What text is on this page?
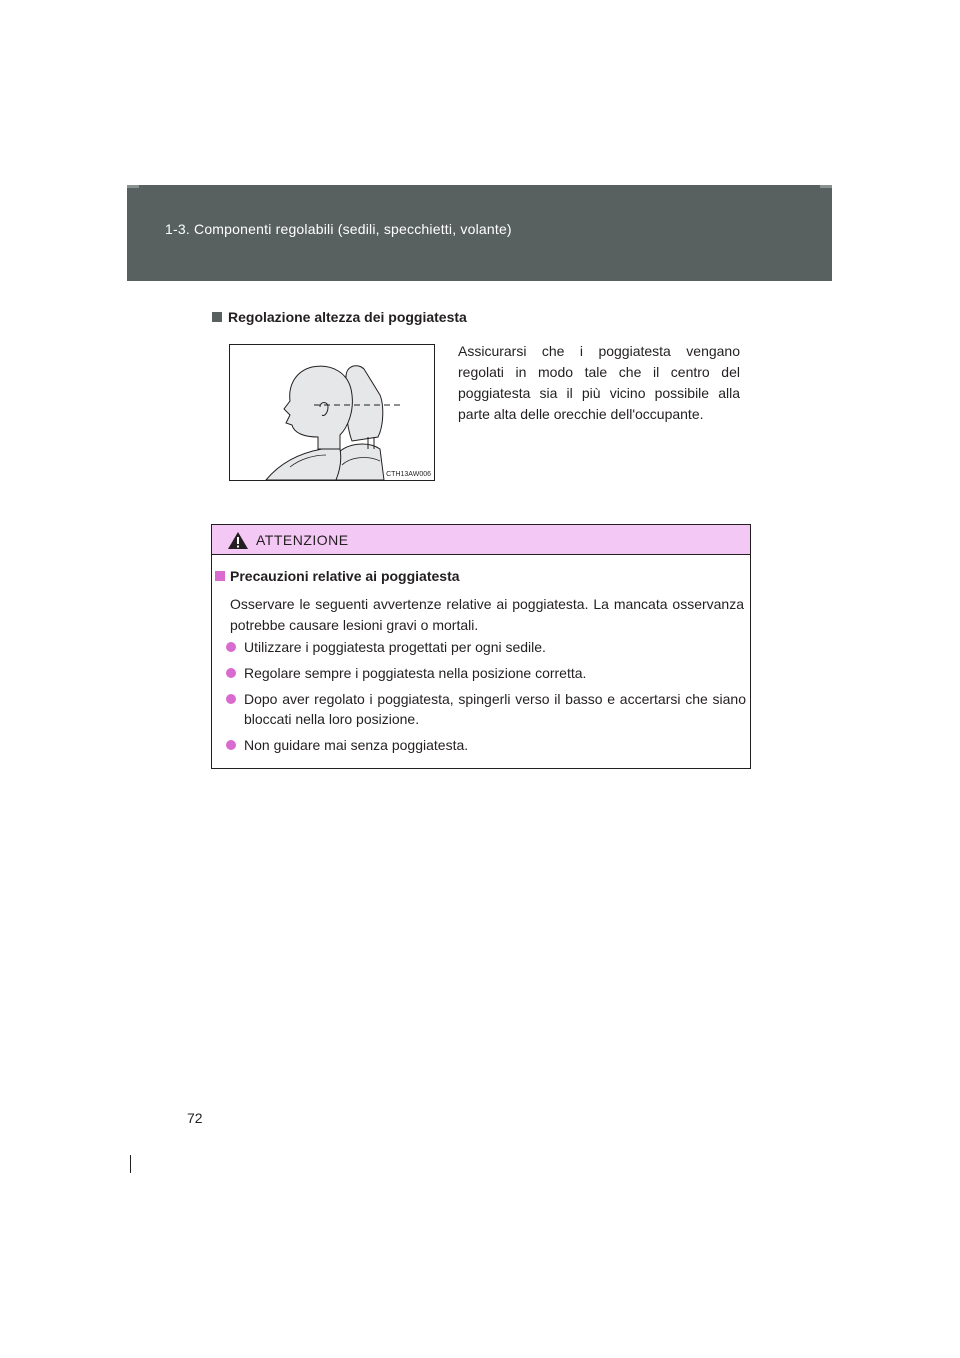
1-3. Componenti regolabili (sedili, specchietti, volante)
Regolazione altezza dei poggiatesta
CTH13AW006
Assicurarsi che i poggiatesta vengano regolati in modo tale che il centro del poggiatesta sia il più vicino possibile alla parte alta delle orecchie dell'occupante.
ATTENZIONE
Precauzioni relative ai poggiatesta
Osservare le seguenti avvertenze relative ai poggiatesta. La mancata osservanza potrebbe causare lesioni gravi o mortali.
Utilizzare i poggiatesta progettati per ogni sedile.
Regolare sempre i poggiatesta nella posizione corretta.
Dopo aver regolato i poggiatesta, spingerli verso il basso e accertarsi che siano bloccati nella loro posizione.
Non guidare mai senza poggiatesta.
72
